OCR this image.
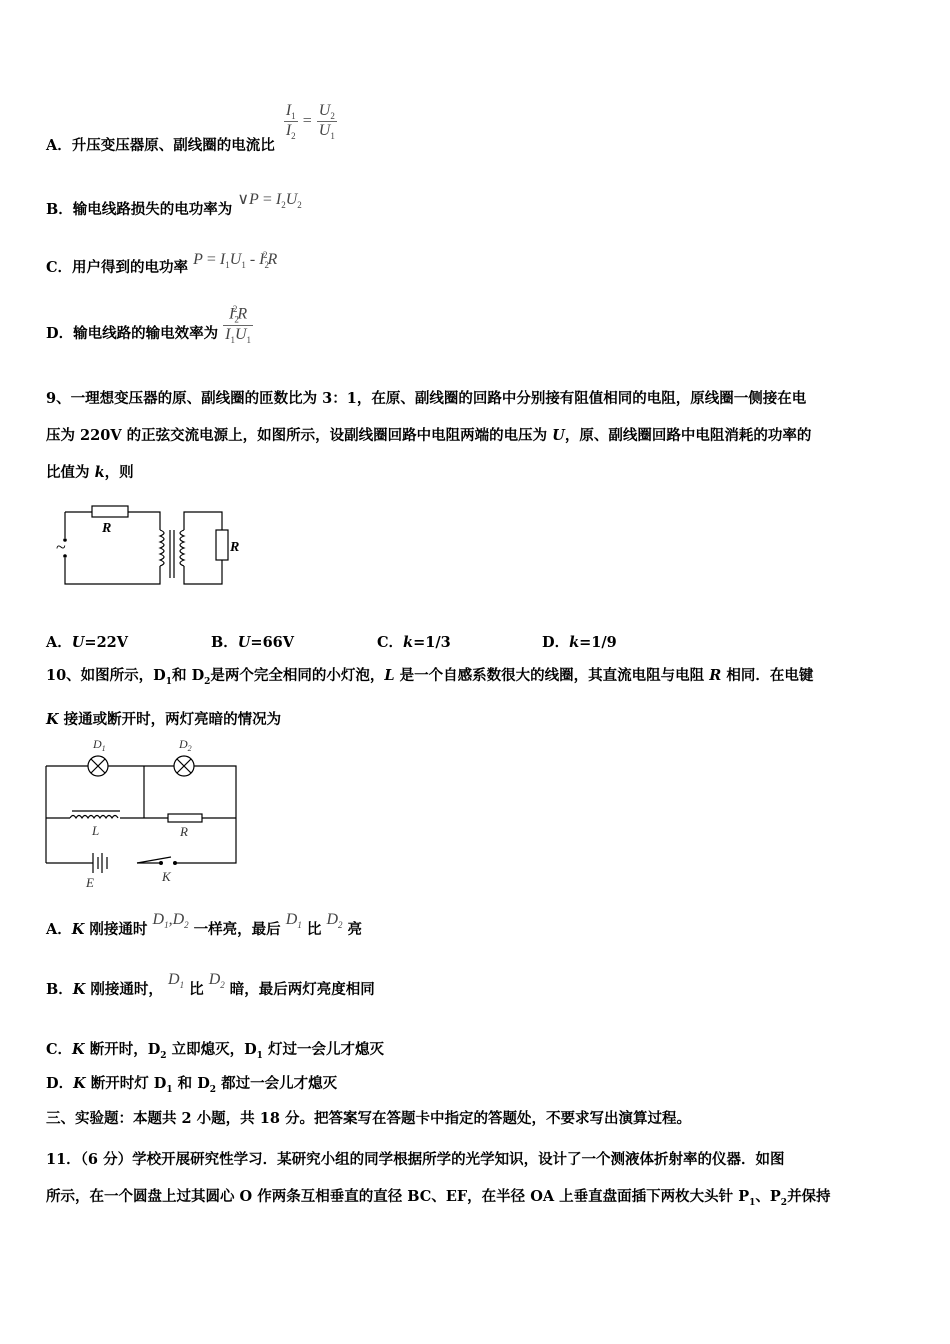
A．升压变压器原、副线圈的电流比
$\frac{I_1}{I_2} = \frac{U_2}{U_1}$
B．输电线路损失的电功率为 ∨P = $I_2U_2$
C．用户得到的电功率 $P = I_1U_1 - I_2^2R$
D．输电线路的输电效率为 $\frac{I_2^2R}{I_1U_1}$
9、一理想变压器的原、副线圈的匝数比为 3：1，在原、副线圈的回路中分别接有阻值相同的电阻，原线圈一侧接在电
压为 220V 的正弦交流电源上，如图所示，设副线圈回路中电阻两端的电压为 U，原、副线圈回路中电阻消耗的功率的
比值为 k，则
~
R
R
A．U=22V	B．U=66V	C．k=1/3	D．k=1/9
10、如图所示，$D_1$和 $D_2$是两个完全相同的小灯泡，L 是一个自感系数很大的线圈，其直流电阻与电阻 R 相同．在电键
K 接通或断开时，两灯亮暗的情况为
$D_1$	$D_2$
L	R
E	K
A．K 刚接通时 $D_1,D_2$ 一样亮，最后 $D_1$ 比 $D_2$ 亮
B．K 刚接通时， $D_1$ 比 $D_2$ 暗，最后两灯亮度相同
C．K 断开时，$D_2$ 立即熄灭，$D_1$ 灯过一会儿才熄灭
D．K 断开时灯 $D_1$ 和 $D_2$ 都过一会儿才熄灭
三、实验题：本题共 2 小题，共 18 分。把答案写在答题卡中指定的答题处，不要求写出演算过程。
11．（6 分）学校开展研究性学习．某研究小组的同学根据所学的光学知识，设计了一个测液体折射率的仪器．如图
所示，在一个圆盘上过其圆心 O 作两条互相垂直的直径 BC、EF，在半径 OA 上垂直盘面插下两枚大头针 $P_1$、$P_2$并保持
